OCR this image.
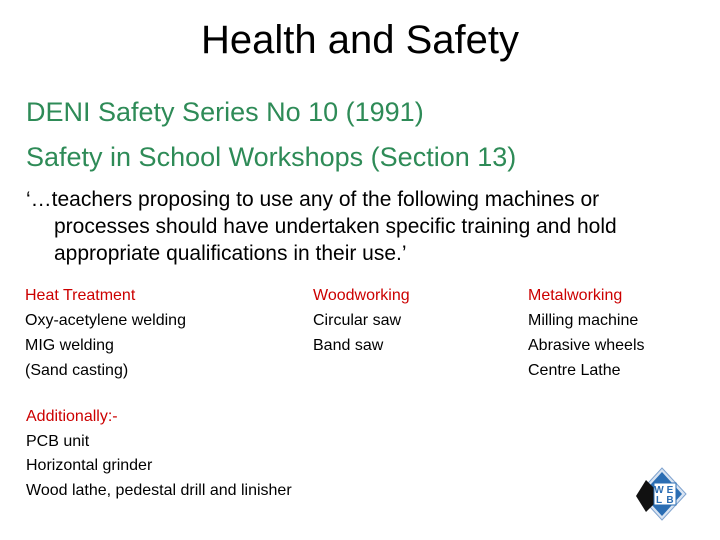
Health and Safety
DENI Safety Series No 10 (1991)
Safety in School Workshops (Section 13)
‘…teachers proposing to use any of the following machines or
processes should have undertaken specific training and hold
appropriate qualifications in their use.’
Heat Treatment
Oxy-acetylene welding
MIG welding
(Sand casting)
Woodworking
Circular saw
Band saw
Metalworking
Milling machine
Abrasive wheels
Centre Lathe
Additionally:-
PCB unit
Horizontal grinder
Wood lathe, pedestal drill and linisher	W E
L B
